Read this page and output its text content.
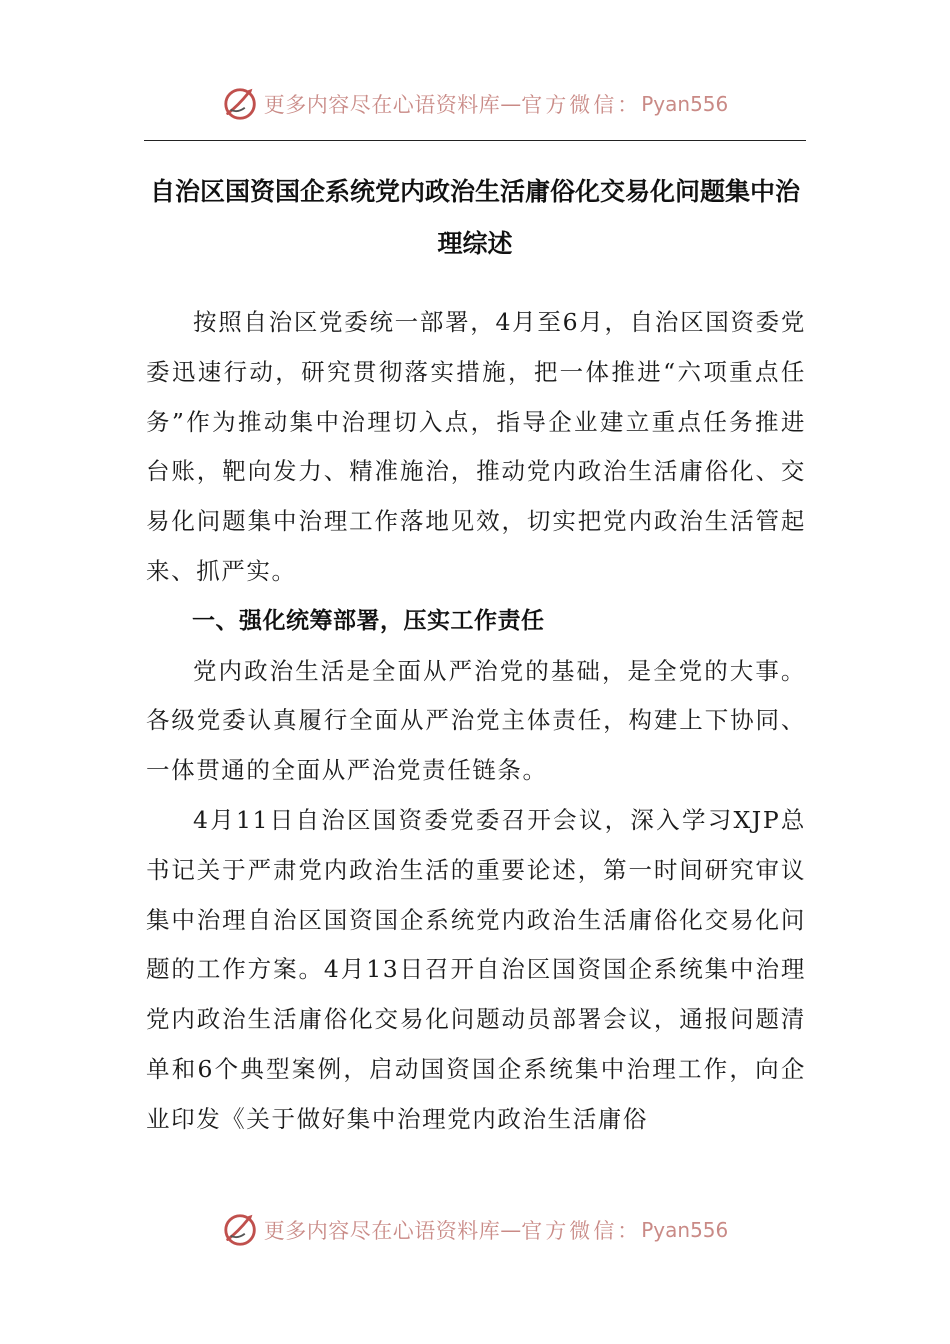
更多内容尽在心语资料库 — 官方微信： Pyan556
自治区国资国企系统党内政治生活庸俗化交易化问题集中治理综述

按照自治区党委统一部署，4月至6月，自治区国资委党委迅速行动，研究贯彻落实措施，把一体推进“六项重点任务”作为推动集中治理切入点，指导企业建立重点任务推进台账，靶向发力、精准施治，推动党内政治生活庸俗化、交易化问题集中治理工作落地见效，切实把党内政治生活管起来、抓严实。

一、强化统筹部署，压实工作责任

党内政治生活是全面从严治党的基础，是全党的大事。各级党委认真履行全面从严治党主体责任，构建上下协同、一体贯通的全面从严治党责任链条。

4月11日自治区国资委党委召开会议，深入学习XJP总书记关于严肃党内政治生活的重要论述，第一时间研究审议集中治理自治区国资国企系统党内政治生活庸俗化交易化问题的工作方案。4月13日召开自治区国资国企系统集中治理党内政治生活庸俗化交易化问题动员部署会议，通报问题清单和6个典型案例，启动国资国企系统集中治理工作，向企业印发《关于做好集中治理党内政治生活庸俗

更多内容尽在心语资料库 — 官方微信： Pyan556
